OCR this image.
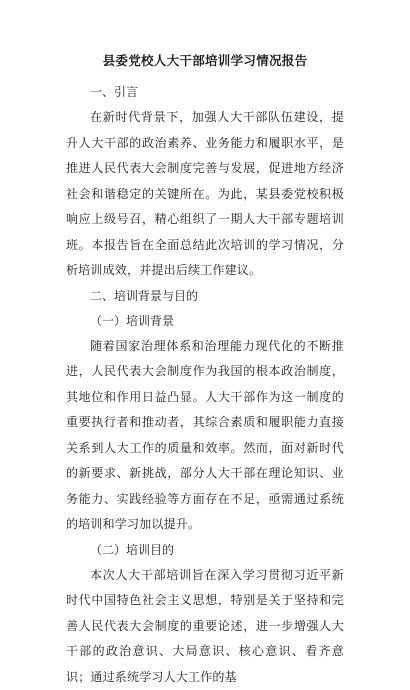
县委党校人大干部培训学习情况报告

一、引言

在新时代背景下，加强人大干部队伍建设，提升人大干部的政治素养、业务能力和履职水平，是推进人民代表大会制度完善与发展，促进地方经济社会和谐稳定的关键所在。为此，某县委党校积极响应上级号召，精心组织了一期人大干部专题培训班。本报告旨在全面总结此次培训的学习情况，分析培训成效，并提出后续工作建议。

二、培训背景与目的

（一）培训背景

随着国家治理体系和治理能力现代化的不断推进，人民代表大会制度作为我国的根本政治制度，其地位和作用日益凸显。人大干部作为这一制度的重要执行者和推动者，其综合素质和履职能力直接关系到人大工作的质量和效率。然而，面对新时代的新要求、新挑战，部分人大干部在理论知识、业务能力、实践经验等方面存在不足，亟需通过系统的培训和学习加以提升。

（二）培训目的

本次人大干部培训旨在深入学习贯彻习近平新时代中国特色社会主义思想，特别是关于坚持和完善人民代表大会制度的重要论述，进一步增强人大干部的政治意识、大局意识、核心意识、看齐意识；通过系统学习人大工作的基
